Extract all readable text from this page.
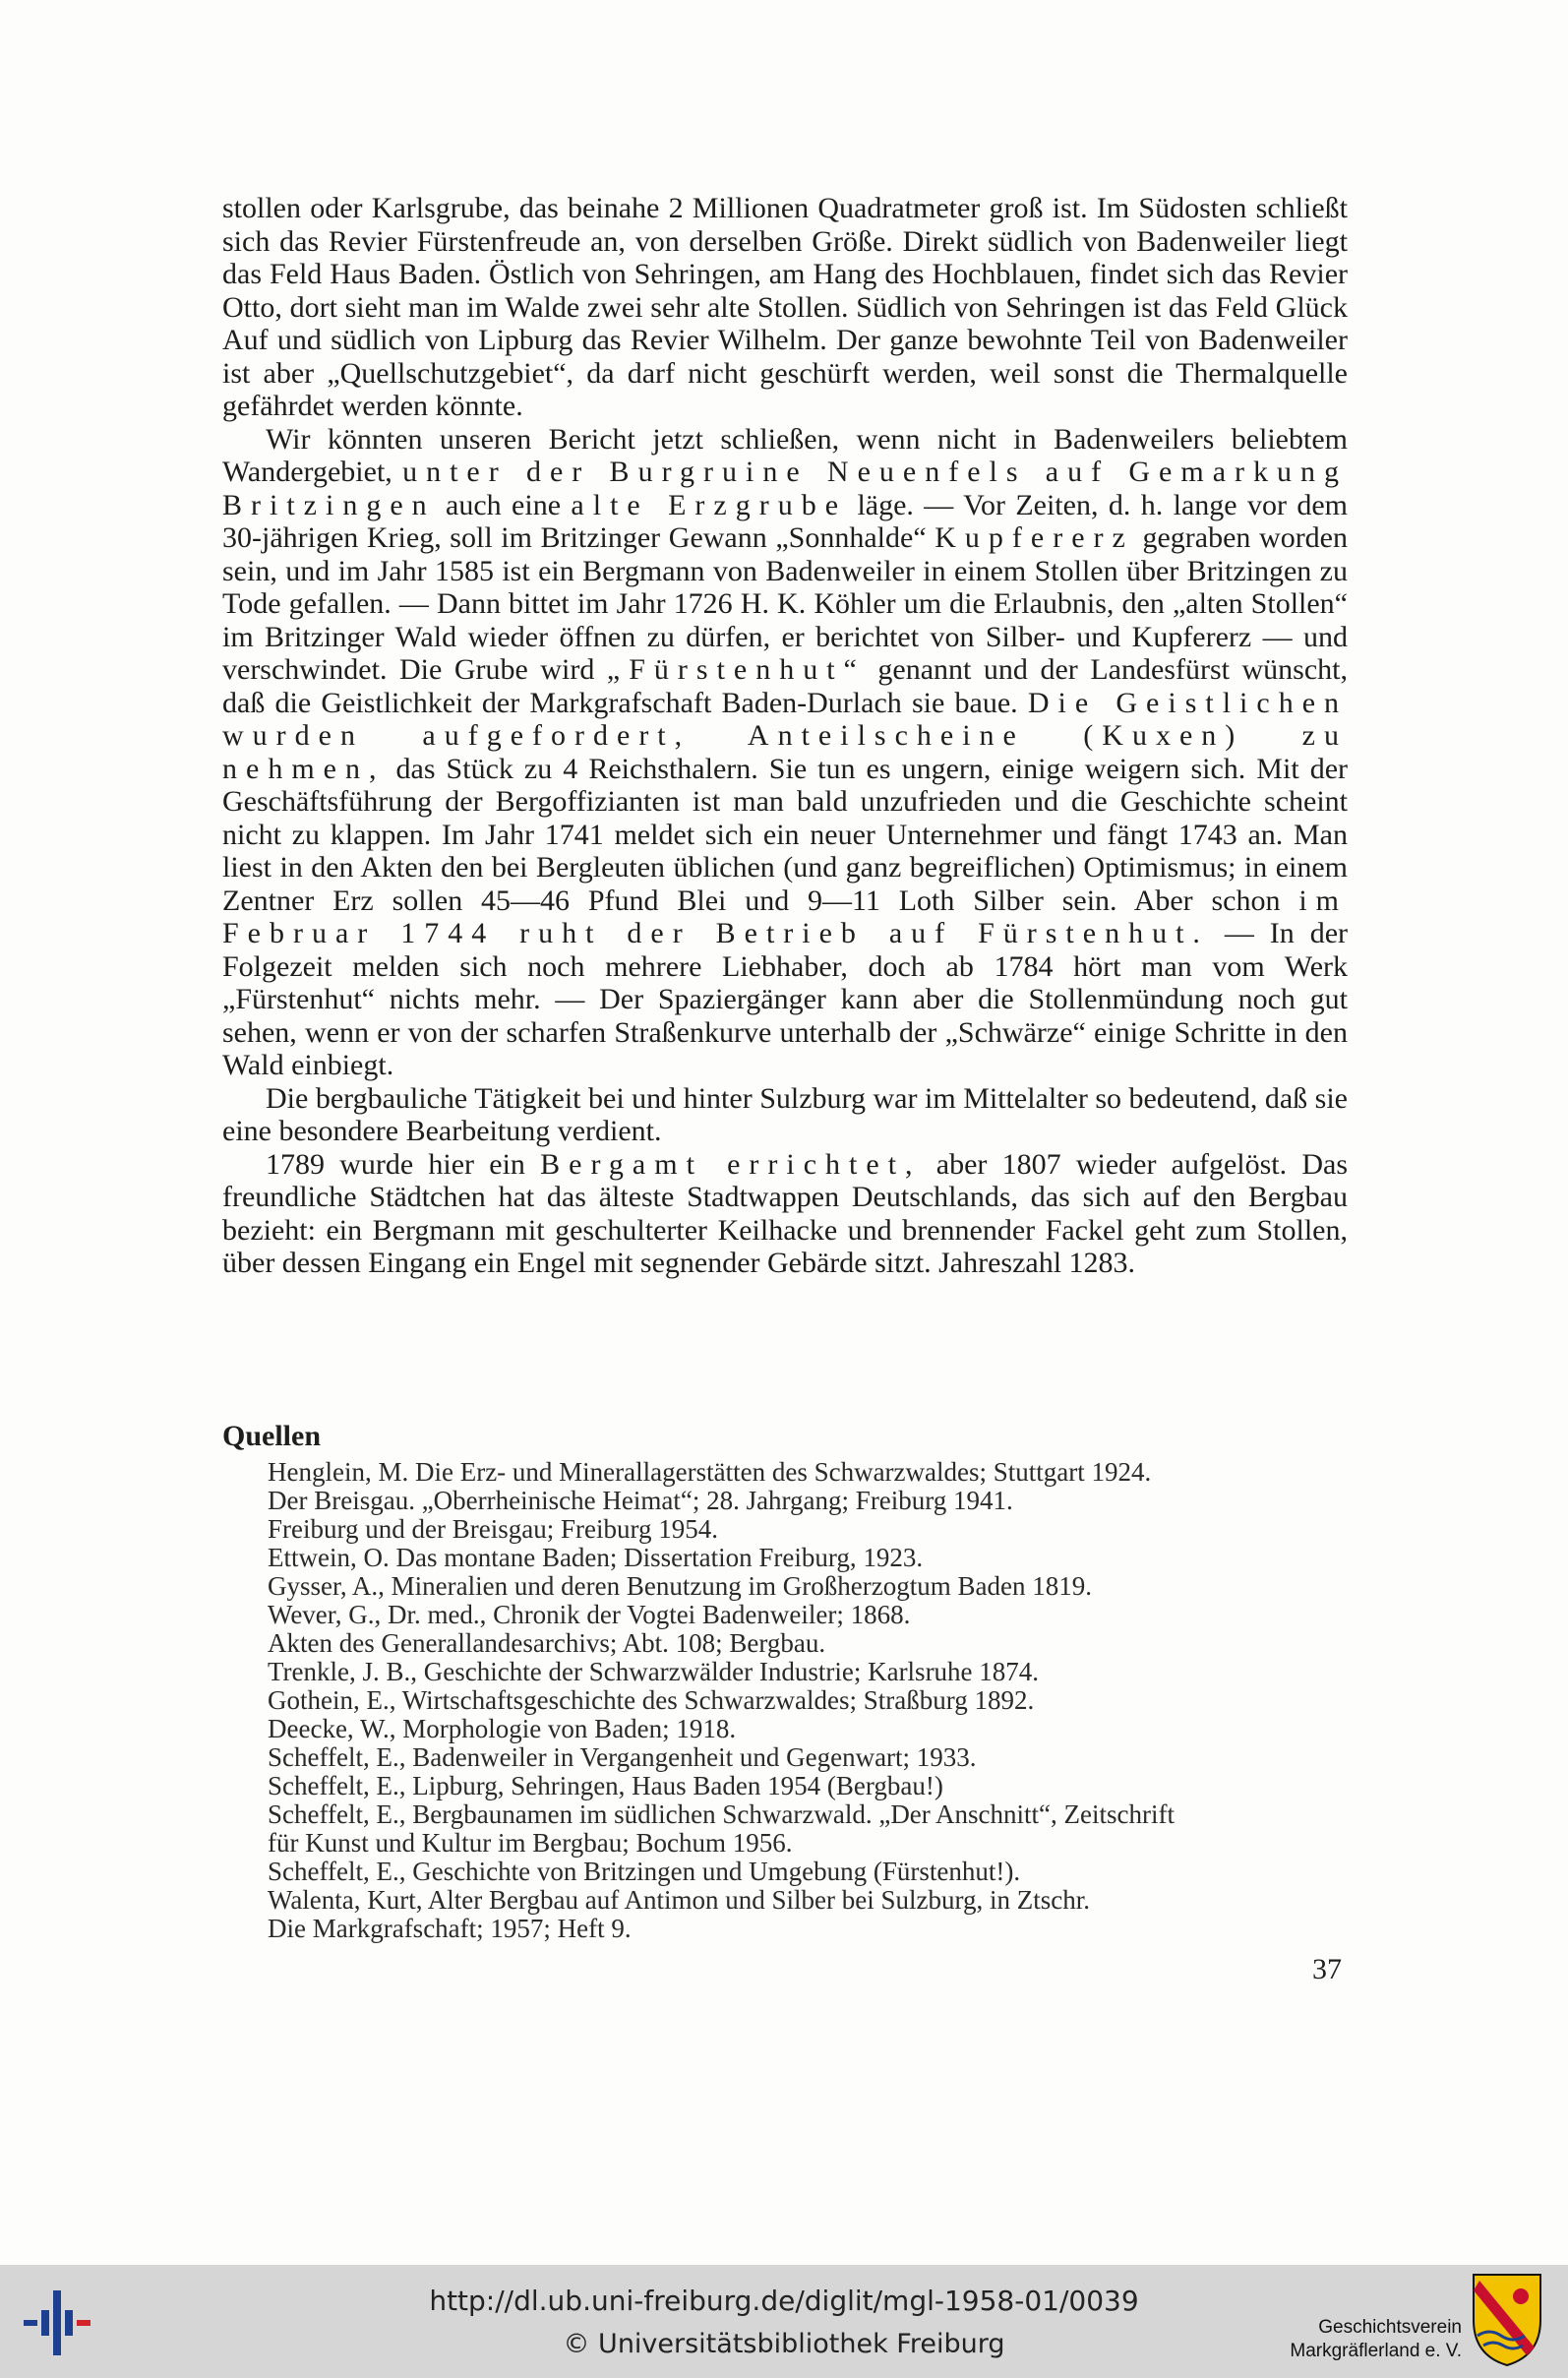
stollen oder Karlsgrube, das beinahe 2 Millionen Quadratmeter groß ist. Im Südosten schließt sich das Revier Fürstenfreude an, von derselben Größe. Direkt südlich von Badenweiler liegt das Feld Haus Baden. Östlich von Sehringen, am Hang des Hochblauen, findet sich das Revier Otto, dort sieht man im Walde zwei sehr alte Stollen. Südlich von Sehringen ist das Feld Glück Auf und südlich von Lipburg das Revier Wilhelm. Der ganze bewohnte Teil von Badenweiler ist aber „Quellschutzgebiet“, da darf nicht geschürft werden, weil sonst die Thermalquelle gefährdet werden könnte.

Wir könnten unseren Bericht jetzt schließen, wenn nicht in Badenweilers beliebtem Wandergebiet, unter der Burgruine Neuenfels auf Gemarkung Britzingen auch eine alte Erzgrube läge. — Vor Zeiten, d. h. lange vor dem 30-jährigen Krieg, soll im Britzinger Gewann „Sonnhalde“ Kupfererz gegraben worden sein, und im Jahr 1585 ist ein Bergmann von Badenweiler in einem Stollen über Britzingen zu Tode gefallen. — Dann bittet im Jahr 1726 H. K. Köhler um die Erlaubnis, den „alten Stollen“ im Britzinger Wald wieder öffnen zu dürfen, er berichtet von Silber- und Kupfererz — und verschwindet. Die Grube wird „Fürstenhut“ genannt und der Landesfürst wünscht, daß die Geistlichkeit der Markgrafschaft Baden-Durlach sie baue. Die Geistlichen wurden aufgefordert, Anteilscheine (Kuxen) zu nehmen, das Stück zu 4 Reichsthalern. Sie tun es ungern, einige weigern sich. Mit der Geschäftsführung der Bergoffizianten ist man bald unzufrieden und die Geschichte scheint nicht zu klappen. Im Jahr 1741 meldet sich ein neuer Unternehmer und fängt 1743 an. Man liest in den Akten den bei Bergleuten üblichen (und ganz begreiflichen) Optimismus; in einem Zentner Erz sollen 45—46 Pfund Blei und 9—11 Loth Silber sein. Aber schon im Februar 1744 ruht der Betrieb auf Fürstenhut. — In der Folgezeit melden sich noch mehrere Liebhaber, doch ab 1784 hört man vom Werk „Fürstenhut“ nichts mehr. — Der Spaziergänger kann aber die Stollenmündung noch gut sehen, wenn er von der scharfen Straßenkurve unterhalb der „Schwärze“ einige Schritte in den Wald einbiegt.

Die bergbauliche Tätigkeit bei und hinter Sulzburg war im Mittelalter so bedeutend, daß sie eine besondere Bearbeitung verdient.

1789 wurde hier ein Bergamt errichtet, aber 1807 wieder aufgelöst. Das freundliche Städtchen hat das älteste Stadtwappen Deutschlands, das sich auf den Bergbau bezieht: ein Bergmann mit geschulterter Keilhacke und brennender Fackel geht zum Stollen, über dessen Eingang ein Engel mit segnender Gebärde sitzt. Jahreszahl 1283.

Quellen
Henglein, M. Die Erz- und Minerallagerstätten des Schwarzwaldes; Stuttgart 1924.
Der Breisgau. „Oberrheinische Heimat“; 28. Jahrgang; Freiburg 1941.
Freiburg und der Breisgau; Freiburg 1954.
Ettwein, O. Das montane Baden; Dissertation Freiburg, 1923.
Gysser, A., Mineralien und deren Benutzung im Großherzogtum Baden 1819.
Wever, G., Dr. med., Chronik der Vogtei Badenweiler; 1868.
Akten des Generallandesarchivs; Abt. 108; Bergbau.
Trenkle, J. B., Geschichte der Schwarzwälder Industrie; Karlsruhe 1874.
Gothein, E., Wirtschaftsgeschichte des Schwarzwaldes; Straßburg 1892.
Deecke, W., Morphologie von Baden; 1918.
Scheffelt, E., Badenweiler in Vergangenheit und Gegenwart; 1933.
Scheffelt, E., Lipburg, Sehringen, Haus Baden 1954 (Bergbau!)
Scheffelt, E., Bergbaunamen im südlichen Schwarzwald. „Der Anschnitt“, Zeitschrift
für Kunst und Kultur im Bergbau; Bochum 1956.
Scheffelt, E., Geschichte von Britzingen und Umgebung (Fürstenhut!).
Walenta, Kurt, Alter Bergbau auf Antimon und Silber bei Sulzburg, in Ztschr.
Die Markgrafschaft; 1957; Heft 9.
37
http://dl.ub.uni-freiburg.de/diglit/mgl-1958-01/0039
© Universitätsbibliothek Freiburg
Geschichtsverein
Markgräflerland e. V.
